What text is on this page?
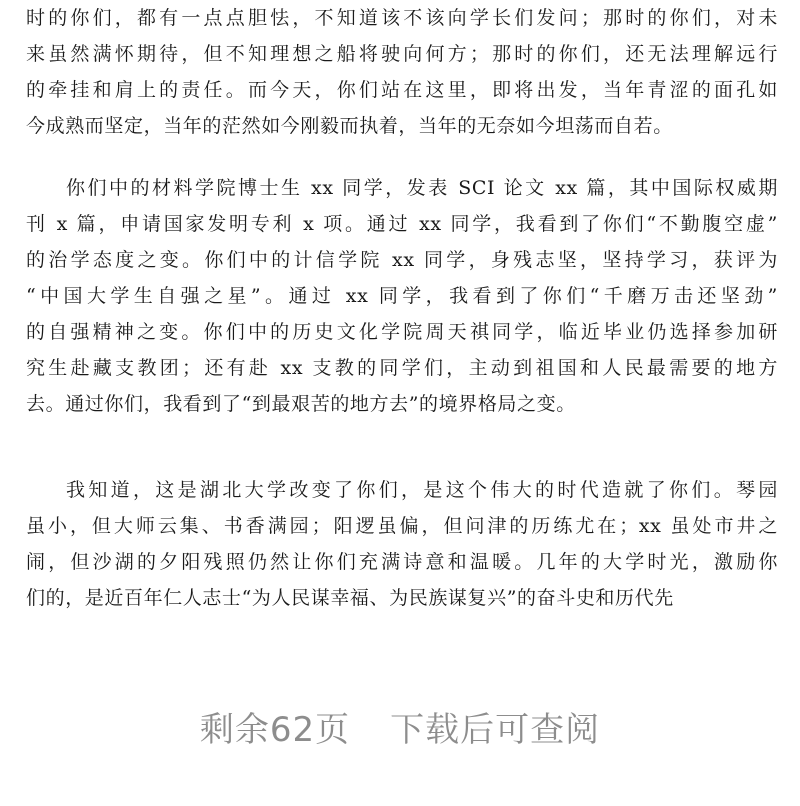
时的你们，都有一点点胆怯，不知道该不该向学长们发问；那时的你们，对未
来虽然满怀期待，但不知理想之船将驶向何方；那时的你们，还无法理解远行
的牵挂和肩上的责任。而今天，你们站在这里，即将出发，当年青涩的面孔如
今成熟而坚定，当年的茫然如今刚毅而执着，当年的无奈如今坦荡而自若。
你们中的材料学院博士生 xx 同学，发表 SCI 论文 xx 篇，其中国际权威期
刊 x 篇，申请国家发明专利 x 项。通过 xx 同学，我看到了你们“不勤腹空虚”
的治学态度之变。你们中的计信学院 xx 同学，身残志坚，坚持学习，获评为
“中国大学生自强之星”。通过 xx 同学，我看到了你们“千磨万击还坚劲”
的自强精神之变。你们中的历史文化学院周天祺同学，临近毕业仍选择参加研
究生赴藏支教团；还有赴 xx 支教的同学们，主动到祖国和人民最需要的地方
去。通过你们，我看到了“到最艰苦的地方去”的境界格局之变。
我知道，这是湖北大学改变了你们，是这个伟大的时代造就了你们。琴园
虽小，但大师云集、书香满园；阳逻虽偏，但问津的历练尤在；xx 虽处市井之
闹，但沙湖的夕阳残照仍然让你们充满诗意和温暖。几年的大学时光，激励你
们的，是近百年仁人志士“为人民谋幸福、为民族谋复兴”的奋斗史和历代先
剩余62页 下载后可查阅
